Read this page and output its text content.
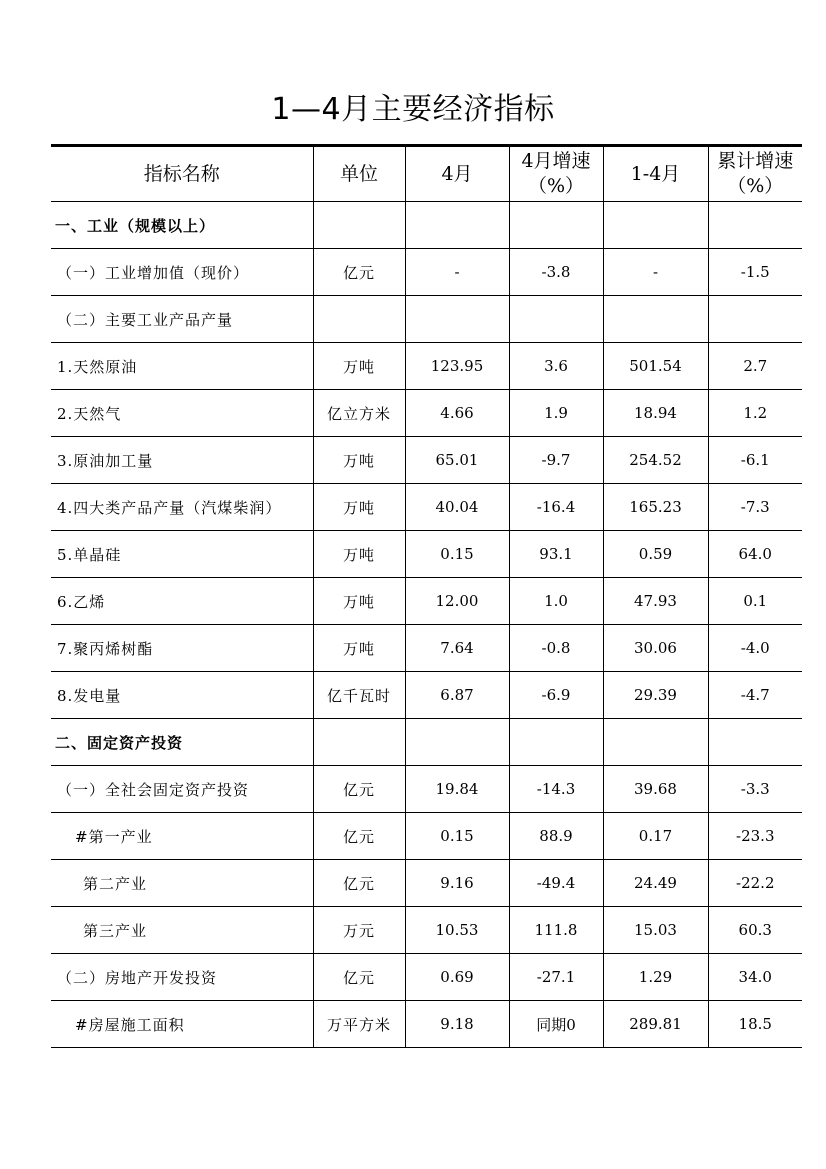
1—4月主要经济指标
指标名称	单位	4月	4月增速（%）	1-4月	累计增速（%）
一、工业（规模以上）					
（一）工业增加值（现价）	亿元	-	-3.8	-	-1.5
（二）主要工业产品产量					
1.天然原油	万吨	123.95	3.6	501.54	2.7
2.天然气	亿立方米	4.66	1.9	18.94	1.2
3.原油加工量	万吨	65.01	-9.7	254.52	-6.1
4.四大类产品产量（汽煤柴润）	万吨	40.04	-16.4	165.23	-7.3
5.单晶硅	万吨	0.15	93.1	0.59	64.0
6.乙烯	万吨	12.00	1.0	47.93	0.1
7.聚丙烯树酯	万吨	7.64	-0.8	30.06	-4.0
8.发电量	亿千瓦时	6.87	-6.9	29.39	-4.7
二、固定资产投资					
（一）全社会固定资产投资	亿元	19.84	-14.3	39.68	-3.3
#第一产业	亿元	0.15	88.9	0.17	-23.3
第二产业	亿元	9.16	-49.4	24.49	-22.2
第三产业	万元	10.53	111.8	15.03	60.3
（二）房地产开发投资	亿元	0.69	-27.1	1.29	34.0
#房屋施工面积	万平方米	9.18	同期0	289.81	18.5
